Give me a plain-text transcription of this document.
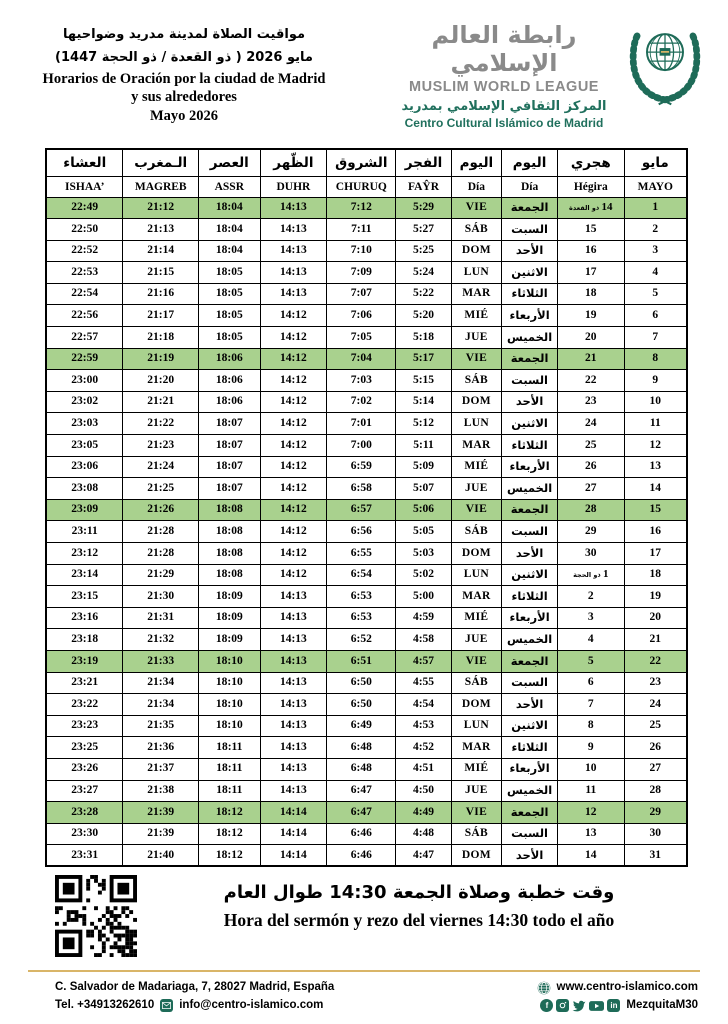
مواقيت الصلاة لمدينة مدريد وضواحيها
مايو 2026 ( ذو القعدة / ذو الحجة 1447)
Horarios de Oración por la ciudad de Madrid
y sus alrededores
Mayo 2026
رابطة العالم الإسلامي
MUSLIM WORLD LEAGUE
المركز الثقافي الإسلامي بمدريد
Centro Cultural Islámico de Madrid
العشاء	الـمغرب	العصر	الظّهر	الشروق	الفجر	اليوم	اليوم	هجري	مايو
ISHAA’	MAGREB	ASSR	DUHR	CHURUQ	FAŶR	Día	Día	Hégira	MAYO
22:49	21:12	18:04	14:13	7:12	5:29	VIE	الجمعة	14 ذو القعدة	1
22:50	21:13	18:04	14:13	7:11	5:27	SÁB	السبت	15	2
22:52	21:14	18:04	14:13	7:10	5:25	DOM	الأحد	16	3
22:53	21:15	18:05	14:13	7:09	5:24	LUN	الاثنين	17	4
22:54	21:16	18:05	14:13	7:07	5:22	MAR	الثلاثاء	18	5
22:56	21:17	18:05	14:12	7:06	5:20	MIÉ	الأربعاء	19	6
22:57	21:18	18:05	14:12	7:05	5:18	JUE	الخميس	20	7
22:59	21:19	18:06	14:12	7:04	5:17	VIE	الجمعة	21	8
23:00	21:20	18:06	14:12	7:03	5:15	SÁB	السبت	22	9
23:02	21:21	18:06	14:12	7:02	5:14	DOM	الأحد	23	10
23:03	21:22	18:07	14:12	7:01	5:12	LUN	الاثنين	24	11
23:05	21:23	18:07	14:12	7:00	5:11	MAR	الثلاثاء	25	12
23:06	21:24	18:07	14:12	6:59	5:09	MIÉ	الأربعاء	26	13
23:08	21:25	18:07	14:12	6:58	5:07	JUE	الخميس	27	14
23:09	21:26	18:08	14:12	6:57	5:06	VIE	الجمعة	28	15
23:11	21:28	18:08	14:12	6:56	5:05	SÁB	السبت	29	16
23:12	21:28	18:08	14:12	6:55	5:03	DOM	الأحد	30	17
23:14	21:29	18:08	14:12	6:54	5:02	LUN	الاثنين	1 ذو الحجة	18
23:15	21:30	18:09	14:13	6:53	5:00	MAR	الثلاثاء	2	19
23:16	21:31	18:09	14:13	6:53	4:59	MIÉ	الأربعاء	3	20
23:18	21:32	18:09	14:13	6:52	4:58	JUE	الخميس	4	21
23:19	21:33	18:10	14:13	6:51	4:57	VIE	الجمعة	5	22
23:21	21:34	18:10	14:13	6:50	4:55	SÁB	السبت	6	23
23:22	21:34	18:10	14:13	6:50	4:54	DOM	الأحد	7	24
23:23	21:35	18:10	14:13	6:49	4:53	LUN	الاثنين	8	25
23:25	21:36	18:11	14:13	6:48	4:52	MAR	الثلاثاء	9	26
23:26	21:37	18:11	14:13	6:48	4:51	MIÉ	الأربعاء	10	27
23:27	21:38	18:11	14:13	6:47	4:50	JUE	الخميس	11	28
23:28	21:39	18:12	14:14	6:47	4:49	VIE	الجمعة	12	29
23:30	21:39	18:12	14:14	6:46	4:48	SÁB	السبت	13	30
23:31	21:40	18:12	14:14	6:46	4:47	DOM	الأحد	14	31
وقت خطبة وصلاة الجمعة 14:30 طوال العام
Hora del sermón y rezo del viernes 14:30 todo el año
C. Salvador de Madariaga, 7, 28027 Madrid, España
Tel. +34913262610 info@centro-islamico.com
www.centro-islamico.com
f	in MezquitaM30
